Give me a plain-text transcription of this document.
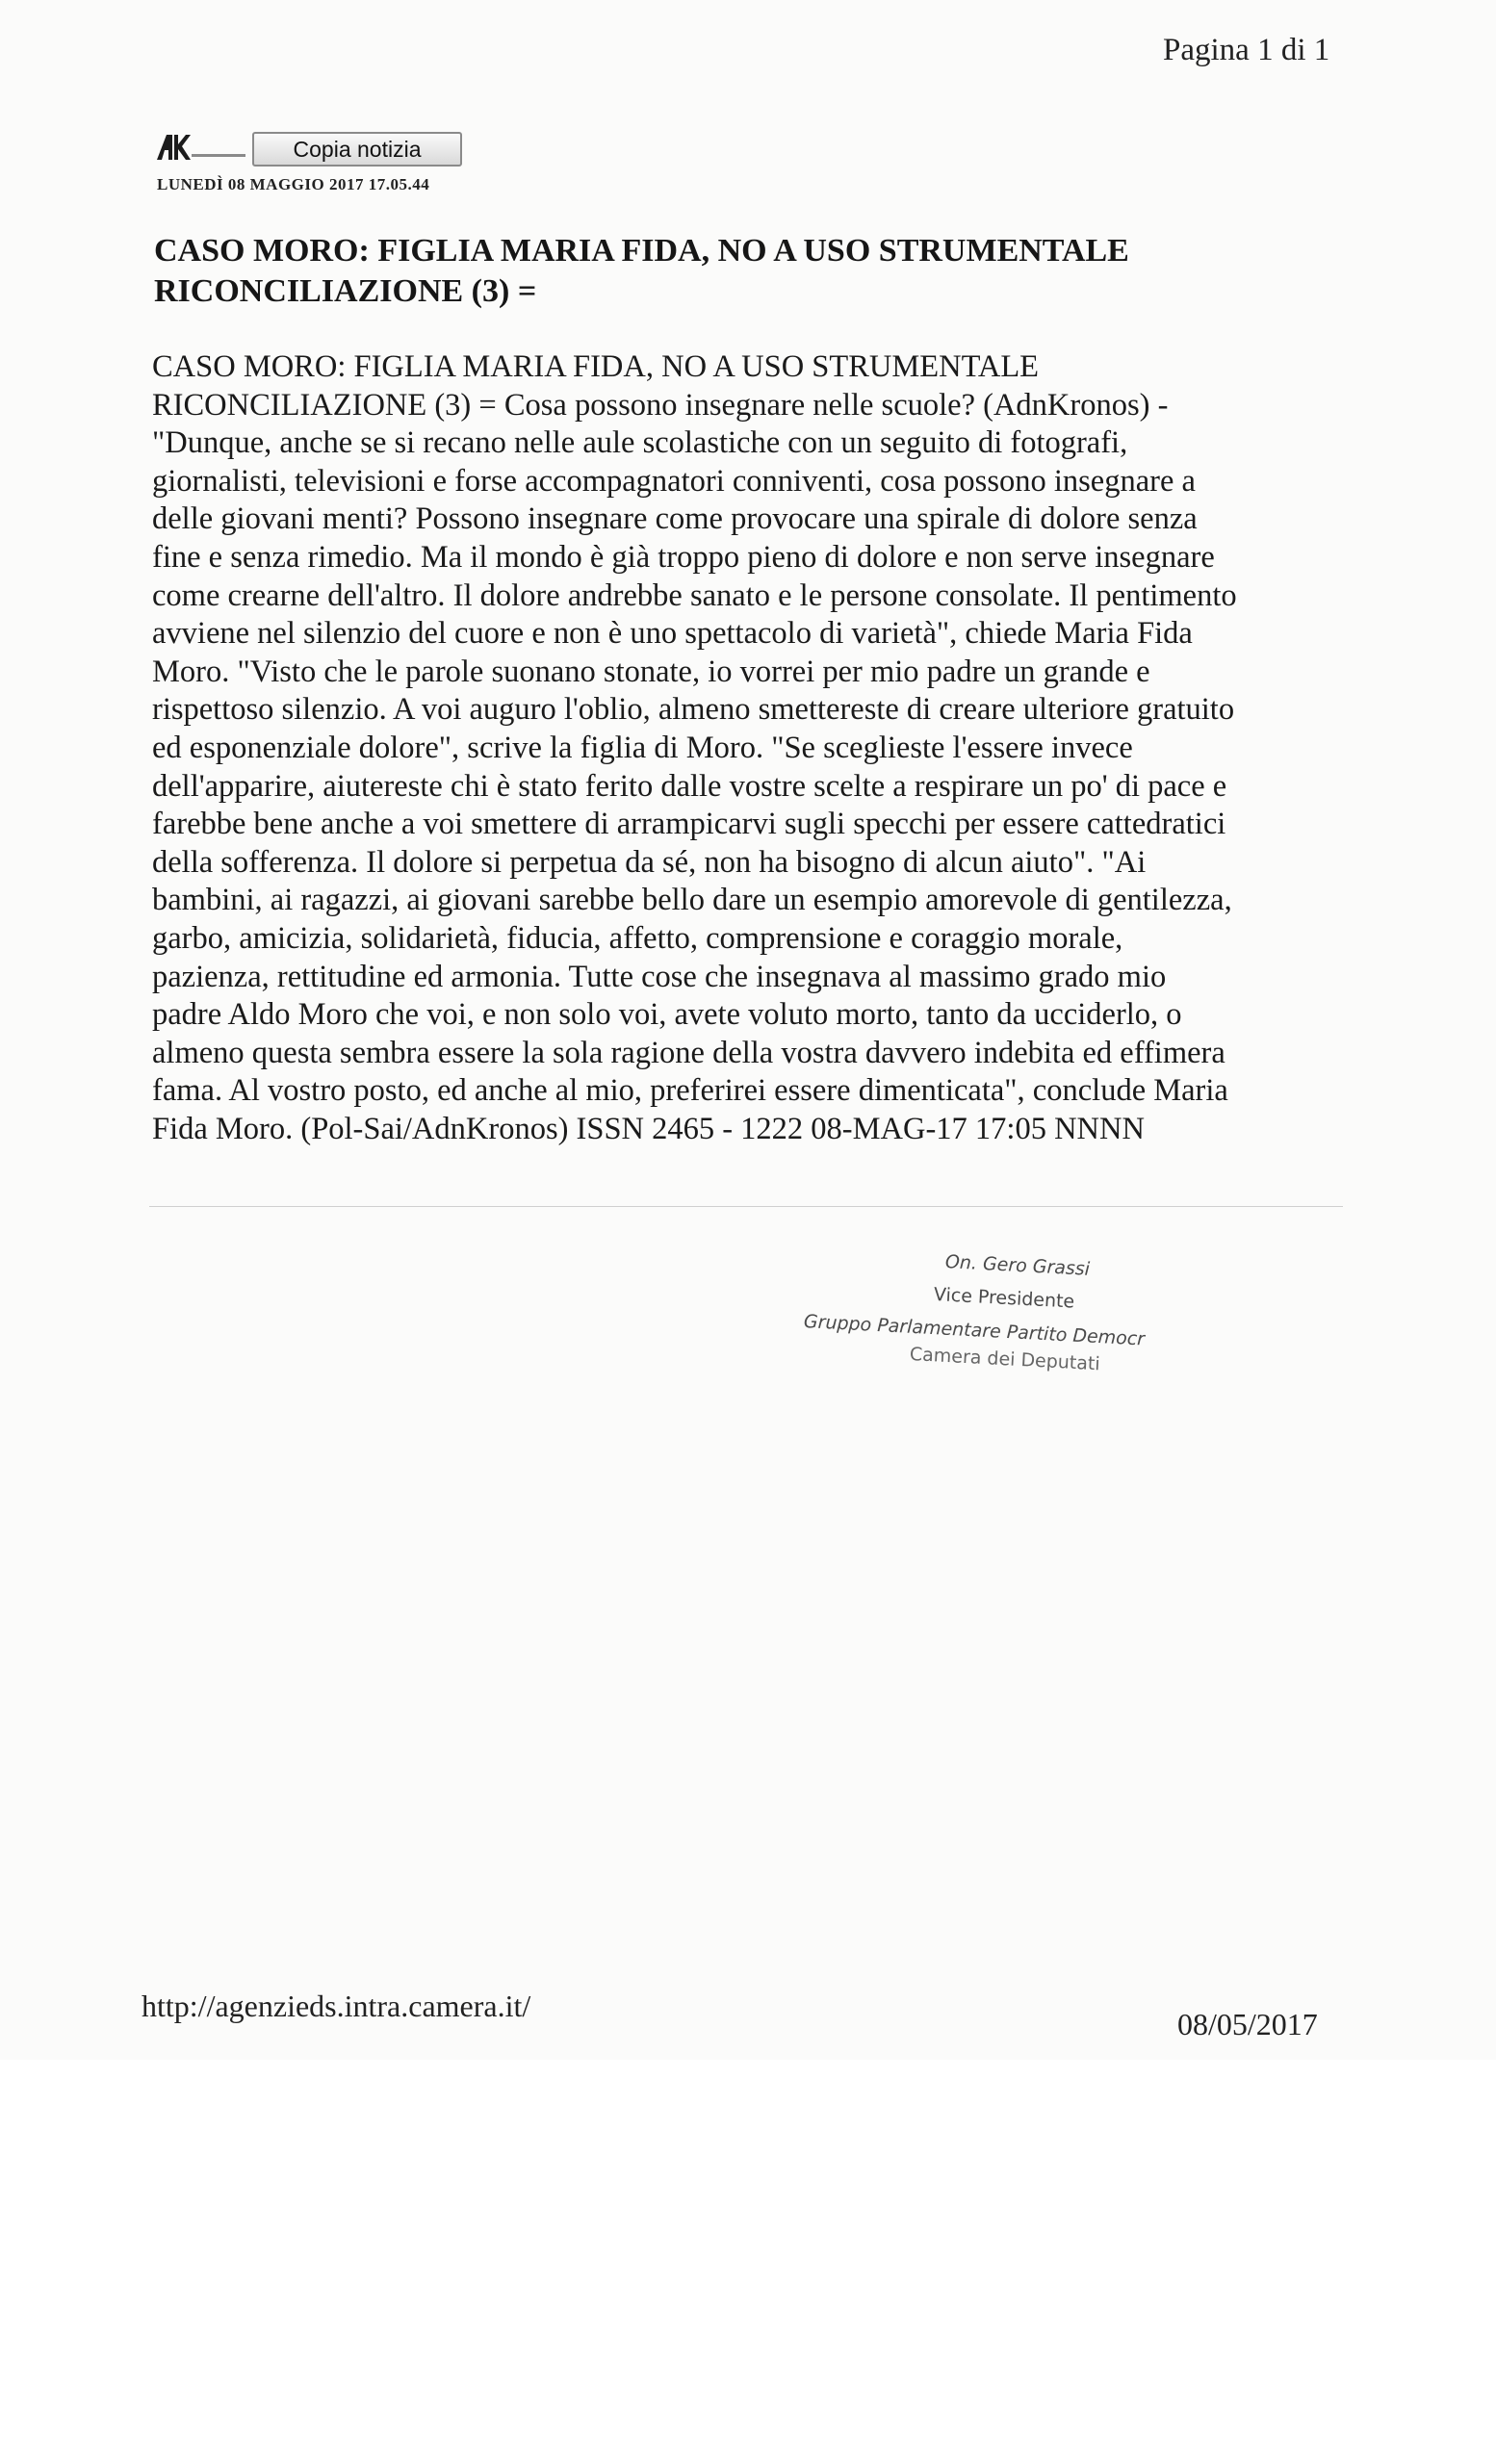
Pagina 1 di 1
Copia notizia
LUNEDÌ 08 MAGGIO 2017 17.05.44
CASO MORO: FIGLIA MARIA FIDA, NO A USO STRUMENTALE
RICONCILIAZIONE (3) =

CASO MORO: FIGLIA MARIA FIDA, NO A USO STRUMENTALE
RICONCILIAZIONE (3) = Cosa possono insegnare nelle scuole? (AdnKronos) -
"Dunque, anche se si recano nelle aule scolastiche con un seguito di fotografi,
giornalisti, televisioni e forse accompagnatori conniventi, cosa possono insegnare a
delle giovani menti? Possono insegnare come provocare una spirale di dolore senza
fine e senza rimedio. Ma il mondo è già troppo pieno di dolore e non serve insegnare
come crearne dell'altro. Il dolore andrebbe sanato e le persone consolate. Il pentimento
avviene nel silenzio del cuore e non è uno spettacolo di varietà", chiede Maria Fida
Moro. "Visto che le parole suonano stonate, io vorrei per mio padre un grande e
rispettoso silenzio. A voi auguro l'oblio, almeno smettereste di creare ulteriore gratuito
ed esponenziale dolore", scrive la figlia di Moro. "Se sceglieste l'essere invece
dell'apparire, aiutereste chi è stato ferito dalle vostre scelte a respirare un po' di pace e
farebbe bene anche a voi smettere di arrampicarvi sugli specchi per essere cattedratici
della sofferenza. Il dolore si perpetua da sé, non ha bisogno di alcun aiuto". "Ai
bambini, ai ragazzi, ai giovani sarebbe bello dare un esempio amorevole di gentilezza,
garbo, amicizia, solidarietà, fiducia, affetto, comprensione e coraggio morale,
pazienza, rettitudine ed armonia. Tutte cose che insegnava al massimo grado mio
padre Aldo Moro che voi, e non solo voi, avete voluto morto, tanto da ucciderlo, o
almeno questa sembra essere la sola ragione della vostra davvero indebita ed effimera
fama. Al vostro posto, ed anche al mio, preferirei essere dimenticata", conclude Maria
Fida Moro. (Pol-Sai/AdnKronos) ISSN 2465 - 1222 08-MAG-17 17:05 NNNN

On. Gero Grassi
Vice Presidente
Gruppo Parlamentare Partito Democr
Camera dei Deputati
http://agenzieds.intra.camera.it/
08/05/2017
